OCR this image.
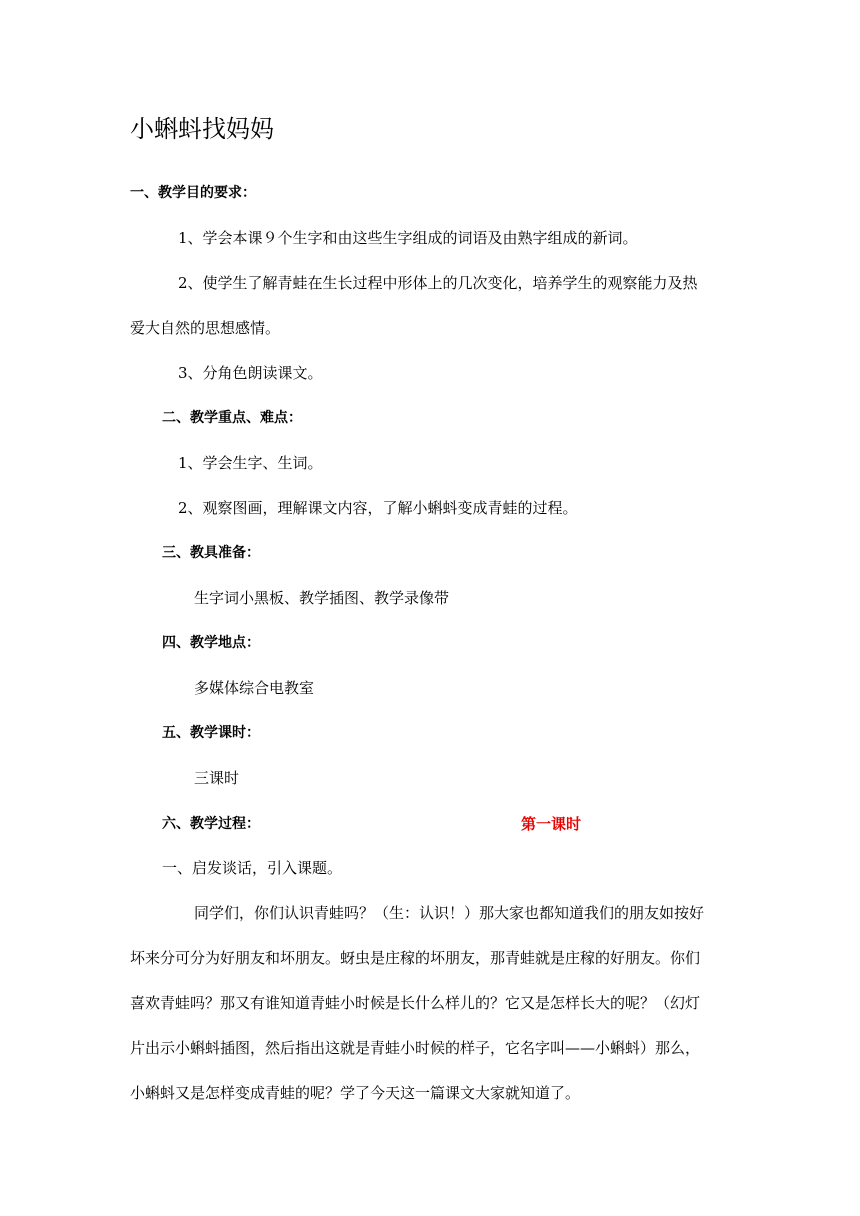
小蝌蚪找妈妈
一、教学目的要求：
1、学会本课９个生字和由这些生字组成的词语及由熟字组成的新词。
2、使学生了解青蛙在生长过程中形体上的几次变化，培养学生的观察能力及热
爱大自然的思想感情。
3、分角色朗读课文。
二、教学重点、难点：
1、学会生字、生词。
2、观察图画，理解课文内容，了解小蝌蚪变成青蛙的过程。
三、教具准备：
生字词小黑板、教学插图、教学录像带
四、教学地点：
多媒体综合电教室
五、教学课时：
三课时
六、教学过程：	第一课时
一、启发谈话，引入课题。
同学们，你们认识青蛙吗？（生：认识！）那大家也都知道我们的朋友如按好
坏来分可分为好朋友和坏朋友。蚜虫是庄稼的坏朋友，那青蛙就是庄稼的好朋友。你们
喜欢青蛙吗？那又有谁知道青蛙小时候是长什么样儿的？它又是怎样长大的呢？（幻灯
片出示小蝌蚪插图，然后指出这就是青蛙小时候的样子，它名字叫——小蝌蚪）那么，
小蝌蚪又是怎样变成青蛙的呢？学了今天这一篇课文大家就知道了。
